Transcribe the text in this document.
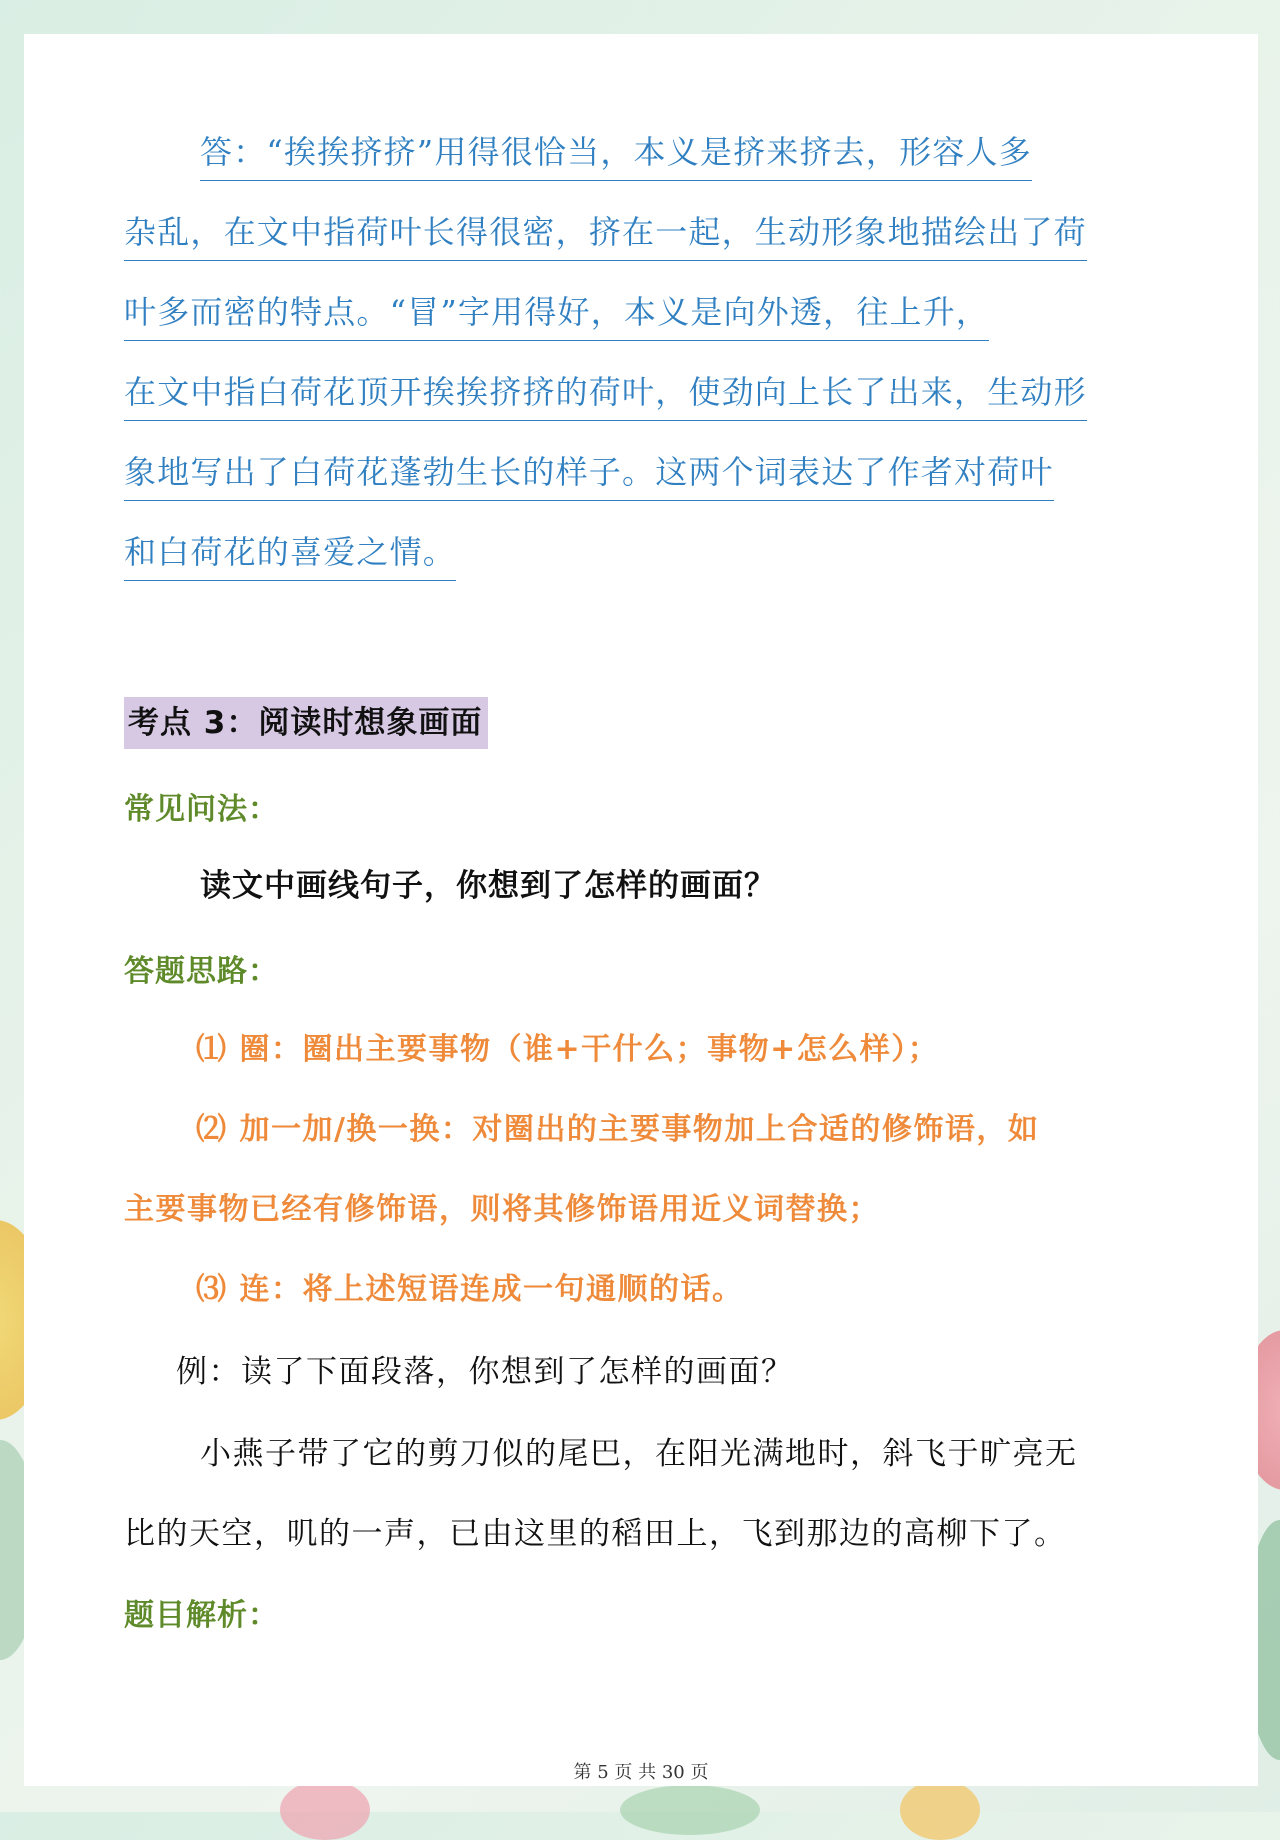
答：“挨挨挤挤”用得很恰当，本义是挤来挤去，形容人多
杂乱，在文中指荷叶长得很密，挤在一起，生动形象地描绘出了荷
叶多而密的特点。“冒”字用得好，本义是向外透，往上升，
在文中指白荷花顶开挨挨挤挤的荷叶，使劲向上长了出来，生动形
象地写出了白荷花蓬勃生长的样子。这两个词表达了作者对荷叶
和白荷花的喜爱之情。
考点 3：阅读时想象画面
常见问法：
读文中画线句子，你想到了怎样的画面？
答题思路：
⑴ 圈：圈出主要事物（谁+干什么；事物+怎么样）；
⑵ 加一加/换一换：对圈出的主要事物加上合适的修饰语，如
主要事物已经有修饰语，则将其修饰语用近义词替换；
⑶ 连：将上述短语连成一句通顺的话。
例：读了下面段落，你想到了怎样的画面？
小燕子带了它的剪刀似的尾巴，在阳光满地时，斜飞于旷亮无
比的天空，叽的一声，已由这里的稻田上，飞到那边的高柳下了。
题目解析：
第 5 页 共 30 页
